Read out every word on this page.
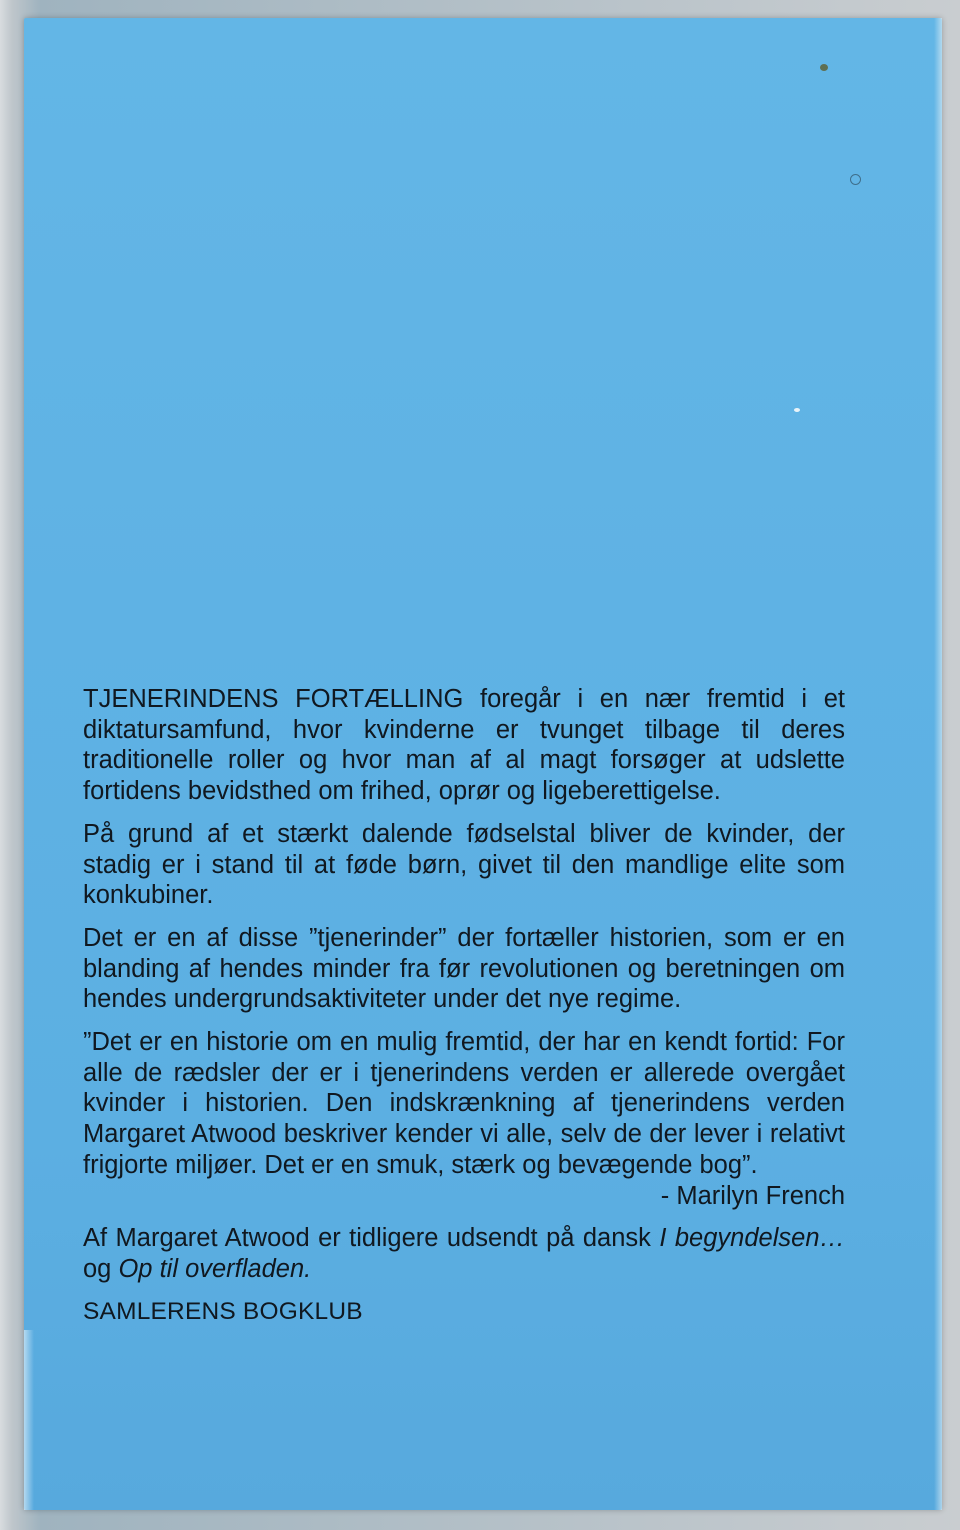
TJENERINDENS FORTÆLLING foregår i en nær fremtid i et diktatursamfund, hvor kvinderne er tvunget tilbage til deres traditionelle roller og hvor man af al magt forsøger at udslette fortidens bevidsthed om frihed, oprør og ligeberettigelse.

På grund af et stærkt dalende fødselstal bliver de kvinder, der stadig er i stand til at føde børn, givet til den mandlige elite som konkubiner.

Det er en af disse ”tjenerinder” der fortæller historien, som er en blanding af hendes minder fra før revolutionen og beretningen om hendes undergrundsaktiviteter under det nye regime.

”Det er en historie om en mulig fremtid, der har en kendt fortid: For alle de rædsler der er i tjenerindens verden er allerede overgået kvinder i historien. Den indskrænkning af tjenerindens verden Margaret Atwood beskriver kender vi alle, selv de der lever i relativt frigjorte miljøer. Det er en smuk, stærk og bevægende bog”.

- Marilyn French

Af Margaret Atwood er tidligere udsendt på dansk I begyndelsen… og Op til overfladen.

SAMLERENS BOGKLUB
